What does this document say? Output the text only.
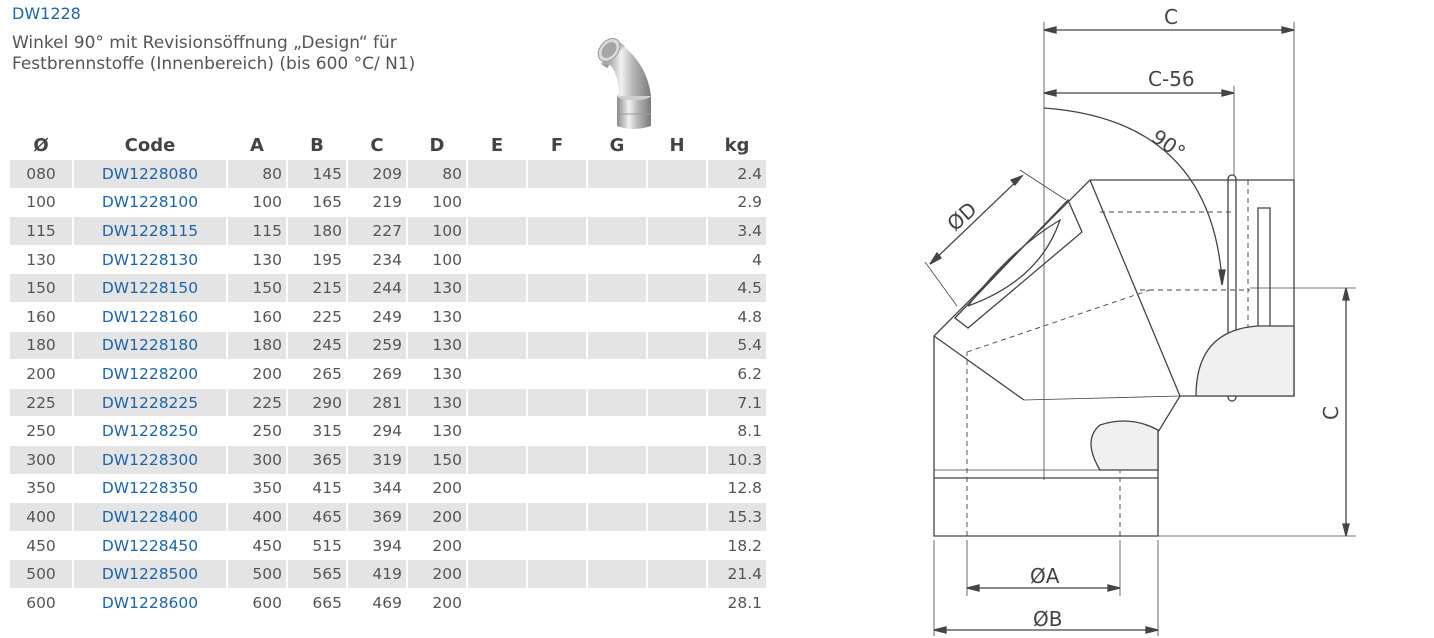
DW1228
Winkel 90° mit Revisionsöffnung „Design“ für Festbrennstoffe (Innenbereich) (bis 600 °C/ N1)
Ø	Code	A	B	C	D	E	F	G	H	kg
080	DW1228080	80	145	209	80					2.4
100	DW1228100	100	165	219	100					2.9
115	DW1228115	115	180	227	100					3.4
130	DW1228130	130	195	234	100					4
150	DW1228150	150	215	244	130					4.5
160	DW1228160	160	225	249	130					4.8
180	DW1228180	180	245	259	130					5.4
200	DW1228200	200	265	269	130					6.2
225	DW1228225	225	290	281	130					7.1
250	DW1228250	250	315	294	130					8.1
300	DW1228300	300	365	319	150					10.3
350	DW1228350	350	415	344	200					12.8
400	DW1228400	400	465	369	200					15.3
450	DW1228450	450	515	394	200					18.2
500	DW1228500	500	565	419	200					21.4
600	DW1228600	600	665	469	200					28.1
C
C-56
90°
ØD
C
ØA
ØB
